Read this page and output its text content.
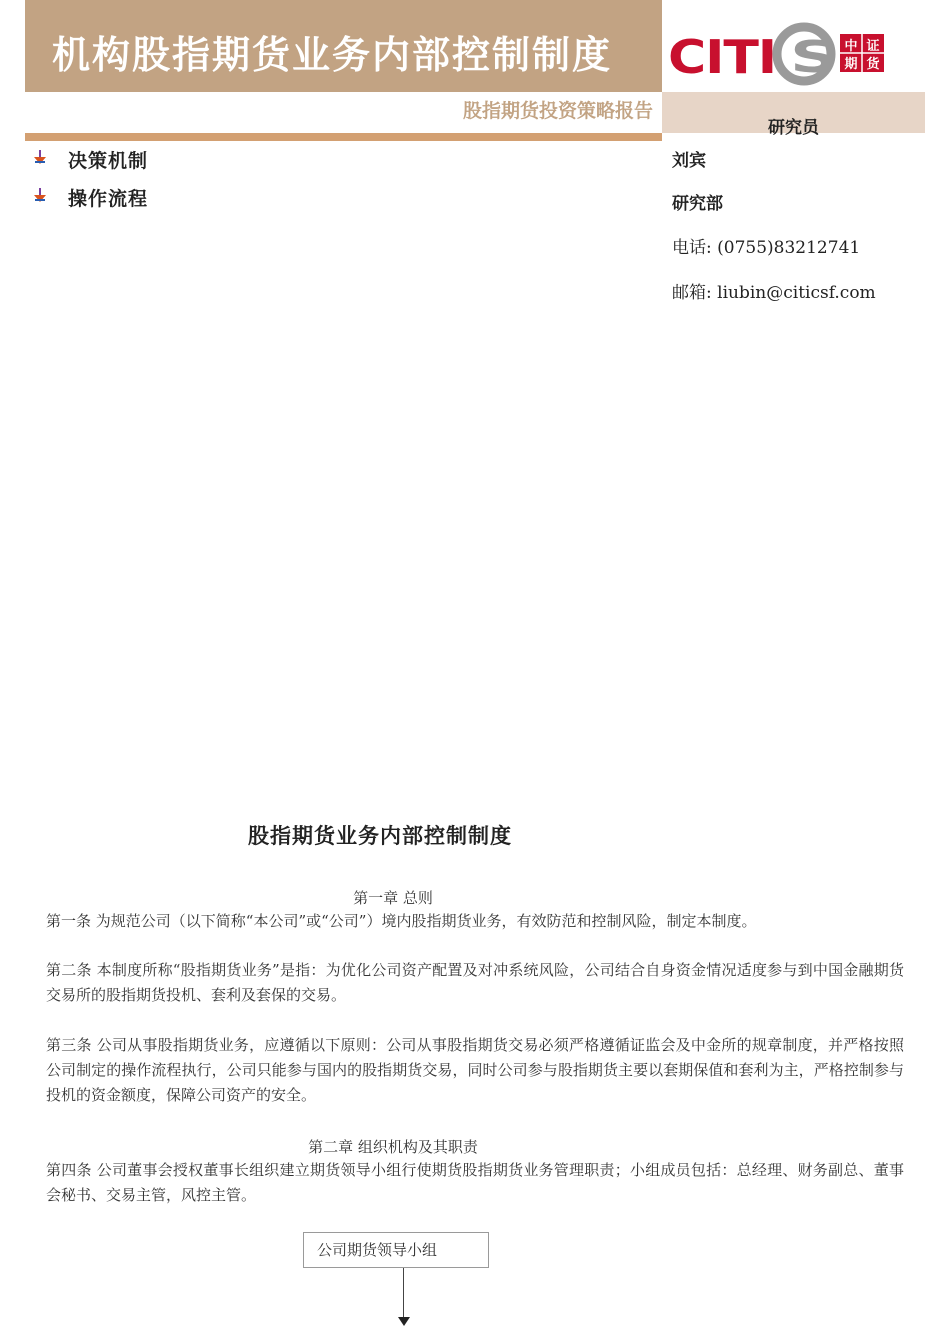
机构股指期货业务内部控制制度
股指期货投资策略报告
研究员
CITI S 中 证
期 货
决策机制
操作流程
刘宾
研究部
电话: (0755)83212741
邮箱: liubin@citicsf.com
股指期货业务内部控制制度
第一章 总则
第一条 为规范公司（以下简称“本公司”或“公司”）境内股指期货业务，有效防范和控制风险，制定本制度。
第二条 本制度所称“股指期货业务”是指：为优化公司资产配置及对冲系统风险，公司结合自身资金情况适度参与到中国金融期货交易所的股指期货投机、套利及套保的交易。
第三条 公司从事股指期货业务，应遵循以下原则：公司从事股指期货交易必须严格遵循证监会及中金所的规章制度，并严格按照公司制定的操作流程执行，公司只能参与国内的股指期货交易，同时公司参与股指期货主要以套期保值和套利为主，严格控制参与投机的资金额度，保障公司资产的安全。
第二章 组织机构及其职责
第四条 公司董事会授权董事长组织建立期货领导小组行使期货股指期货业务管理职责；小组成员包括：总经理、财务副总、董事会秘书、交易主管，风控主管。
公司期货领导小组
